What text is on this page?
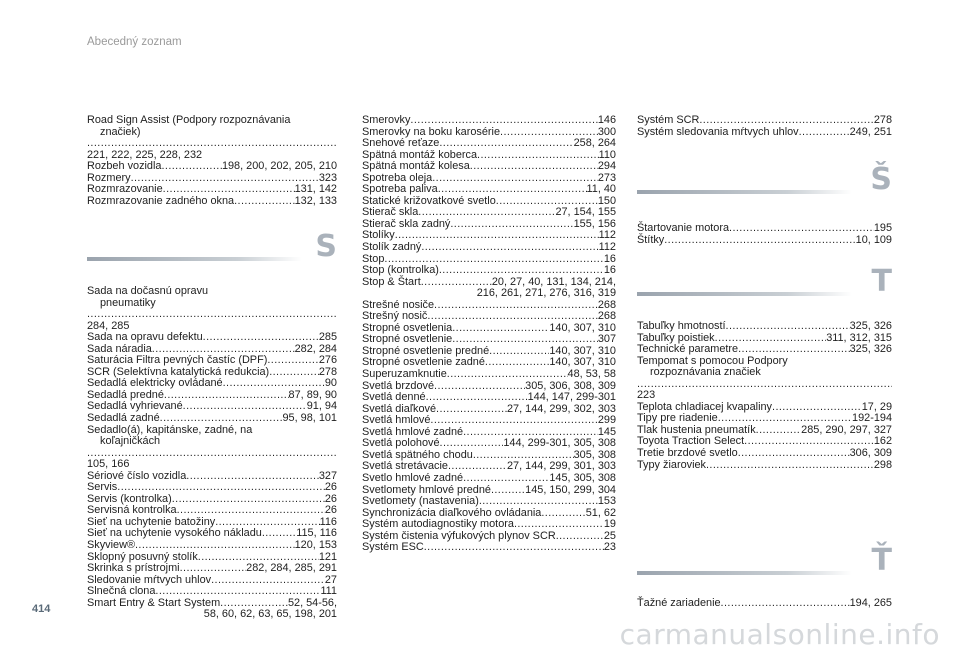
Abecedný zoznam
Road Sign Assist (Podpory rozpoznávania
značiek)
.....
221, 222, 225, 228, 232
Rozbeh vozidla .....	198, 200, 202, 205, 210
Rozmery .....	323
Rozmrazovanie .....	131, 142
Rozmrazovanie zadného okna .....	132, 133
S
Sada na dočasnú opravu
pneumatiky
.....
284, 285
Sada na opravu defektu .....	285
Sada náradia .....	282, 284
Saturácia Filtra pevných častíc (DPF) .....	276
SCR (Selektívna katalytická redukcia) .....	278
Sedadlá elektricky ovládané .....	90
Sedadlá predné .....	87, 89, 90
Sedadlá vyhrievané .....	91, 94
Sedadlá zadné .....	95, 98, 101
Sedadlo(á), kapitánske, zadné, na
koľajničkách
.....
105, 166
Sériové číslo vozidla .....	327
Servis .....	26
Servis (kontrolka) .....	26
Servisná kontrolka .....	26
Sieť na uchytenie batožiny .....	116
Sieť na uchytenie vysokého nákladu .....	115, 116
Skyview® .....	120, 153
Sklopný posuvný stolík .....	121
Skrinka s prístrojmi .....	282, 284, 285, 291
Sledovanie mŕtvych uhlov .....	27
Slnečná clona .....	111
Smart Entry & Start System .....	52, 54-56,
58, 60, 62, 63, 65, 198, 201
Smerovky .....	146
Smerovky na boku karosérie .....	300
Snehové reťaze .....	258, 264
Spätná montáž koberca .....	110
Spätná montáž kolesa .....	294
Spotreba oleja .....	273
Spotreba paliva .....	11, 40
Statické križovatkové svetlo .....	150
Stierač skla .....	27, 154, 155
Stierač skla zadný .....	155, 156
Stolíky .....	112
Stolík zadný .....	112
Stop .....	16
Stop (kontrolka) .....	16
Stop & Štart .....	20, 27, 40, 131, 134, 214,
216, 261, 271, 276, 316, 319
Strešné nosiče .....	268
Strešný nosič .....	268
Stropné osvetlenia .....	140, 307, 310
Stropné osvetlenie .....	307
Stropné osvetlenie predné .....	140, 307, 310
Stropné osvetlenie zadné .....	140, 307, 310
Superuzamknutie .....	48, 53, 58
Svetlá brzdové .....	305, 306, 308, 309
Svetlá denné .....	144, 147, 299-301
Svetlá diaľkové .....	27, 144, 299, 302, 303
Svetlá hmlové .....	299
Svetlá hmlové zadné .....	145
Svetlá polohové .....	144, 299-301, 305, 308
Svetlá spätného chodu .....	305, 308
Svetlá stretávacie .....	27, 144, 299, 301, 303
Svetlo hmlové zadné .....	145, 305, 308
Svetlomety hmlové predné .....	145, 150, 299, 304
Svetlomety (nastavenia) .....	153
Synchronizácia diaľkového ovládania .....	51, 62
Systém autodiagnostiky motora .....	19
Systém čistenia výfukových plynov SCR .....	25
Systém ESC .....	23
Systém SCR .....	278
Systém sledovania mŕtvych uhlov .....	249, 251
Š
Štartovanie motora .....	195
Štítky .....	10, 109
T
Tabuľky hmotností .....	325, 326
Tabuľky poistiek .....	311, 312, 315
Technické parametre .....	325, 326
Tempomat s pomocou Podpory
rozpoznávania značiek
.....
223
Teplota chladiacej kvapaliny .....	17, 29
Tipy pre riadenie .....	192-194
Tlak hustenia pneumatík .....	285, 290, 297, 327
Toyota Traction Select .....	162
Tretie brzdové svetlo .....	306, 309
Typy žiaroviek .....	298
Ť
Ťažné zariadenie .....	194, 265
414
carmanualsonline.info
